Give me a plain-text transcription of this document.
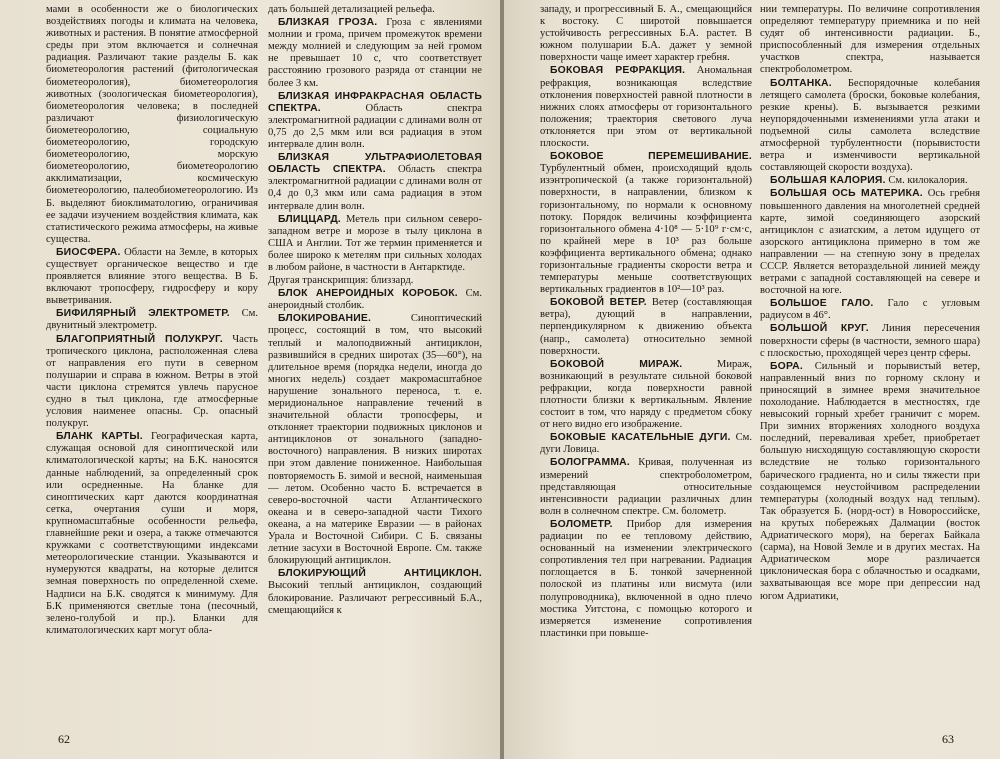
мами в особенности же о биологических воздействиях погоды и климата на человека, животных и растения. В понятие атмосферной среды при этом включается и солнечная радиация. Различают такие разделы Б. как биометеорология растений (фитологическая биометеорология), биометеорология животных (зоологическая биометеорология), биометеорология человека; в последней различают физиологическую биометеорологию, социальную биометеорологию, городскую биометеорологию, морскую биометеорологию, биометеорологию акклиматизации, космическую биометеорологию, палеобиометеорологию. Из Б. выделяют биоклиматологию, ограничивая ее задачи изучением воздействия климата, как статистического режима атмосферы, на живые существа.

БИОСФЕРА. Области на Земле, в которых существует органическое вещество и где проявляется влияние этого вещества. В Б. включают тропосферу, гидросферу и кору выветривания.

БИФИЛЯРНЫЙ ЭЛЕКТРОМЕТР. См. двунитный электрометр.

БЛАГОПРИЯТНЫЙ ПОЛУКРУГ. Часть тропического циклона, расположенная слева от направления его пути в северном полушарии и справа в южном. Ветры в этой части циклона стремятся увлечь парусное судно в тыл циклона, где атмосферные условия наименее опасны. Ср. опасный полукруг.

БЛАНК КАРТЫ. Географическая карта, служащая основой для синоптической или климатологической карты; на Б.К. наносятся данные наблюдений, за определенный срок или осредненные. На бланке для синоптических карт даются координатная сетка, очертания суши и моря, крупномасштабные особенности рельефа, главнейшие реки и озера, а также отмечаются кружками с соответствующими индексами метеорологические станции. Указываются и нумеруются квадраты, на которые делится земная поверхность по определенной схеме. Надписи на Б.К. сводятся к минимуму. Для Б.К применяются светлые тона (песочный, зелено-голубой и пр.). Бланки для климатологических карт могут обла-

дать большей детализацией рельефа.

БЛИЗКАЯ ГРОЗА. Гроза с явлениями молнии и грома, причем промежуток времени между молнией и следующим за ней громом не превышает 10 с, что соответствует расстоянию грозового разряда от станции не более 3 км.

БЛИЗКАЯ ИНФРАКРАСНАЯ ОБЛАСТЬ СПЕКТРА.	Область спектра электромагнитной радиации с длинами волн от 0,75 до 2,5 мкм или вся радиация в этом интервале длин волн.

БЛИЗКАЯ УЛЬТРАФИОЛЕТОВАЯ ОБЛАСТЬ СПЕКТРА. Область спектра электромагнитной радиации с длинами волн от 0,4 до 0,3 мкм или сама радиация в этом интервале длин волн.

БЛИЦЦАРД. Метель при сильном северо-западном ветре и морозе в тылу циклона в США и Англии. Тот же термин применяется и более широко к метелям при сильных холодах в любом районе, в частности в Антарктиде.

Другая транскрипция: близзард.

БЛОК АНЕРОИДНЫХ КОРОБОК. См. анероидный столбик.

БЛОКИРОВАНИЕ.	Синоптический процесс, состоящий в том, что высокий теплый и малоподвижный антициклон, развившийся в средних широтах (35—60°), на длительное время (порядка недели, иногда до многих недель) создает макромасштабное нарушение зонального переноса, т. е. меридиональное направление течений в значительной области тропосферы, и отклоняет траектории подвижных циклонов и антициклонов от зонального (западно-восточного) направления. В низких широтах при этом давление пониженное. Наибольшая повторяемость Б. зимой и весной, наименьшая — летом. Особенно часто Б. встречается в северо-восточной части Атлантического океана и в северо-западной части Тихого океана, а на материке Евразии — в районах Урала и Восточной Сибири. С Б. связаны летние засухи в Восточной Европе. См. также блокирующий антициклон.

БЛОКИРУЮЩИЙ АНТИЦИКЛОН. Высокий теплый антициклон, создающий блокирование. Различают регрессивный Б.А., смещающийся к

62

западу, и прогрессивный Б. А., смещающийся к востоку. С широтой повышается устойчивость регрессивных Б.А. растет. В южном полушарии Б.А. дажет у земной поверхности чаще имеет характер гребня.

БОКОВАЯ РЕФРАКЦИЯ. Аномальная рефракция, возникающая вследствие отклонения поверхностей равной плотности в нижних слоях атмосферы от горизонтального положения; траектория светового луча отклоняется при этом от вертикальной плоскости.

БОКОВОЕ ПЕРЕМЕШИВАНИЕ. Турбулентный обмен, происходящий вдоль изэнтропической (а также горизонтальной) поверхности, в направлении, близком к горизонтальному, по нормали к основному потоку. Порядок величины коэффициента горизонтального обмена 4·10⁸ — 5·10⁹ г·см·с, по крайней мере в 10³ раз больше коэффициента вертикального обмена; однако горизонтальные градиенты скорости ветра и температуры меньше соответствующих вертикальных градиентов в 10²—10³ раз.

БОКОВОЙ ВЕТЕР. Ветер (составляющая ветра), дующий в направлении, перпендикулярном к движению объекта (напр., самолета) относительно земной поверхности.

БОКОВОЙ МИРАЖ.	Мираж, возникающий в результате сильной боковой рефракции, когда поверхности равной плотности близки к вертикальным. Явление состоит в том, что наряду с предметом сбоку от него видно его изображение.

БОКОВЫЕ КАСАТЕЛЬНЫЕ ДУГИ. См. дуги Ловица.

БОЛОГРАММА. Кривая, полученная из измерений спектроболометром, представляющая относительные интенсивности радиации различных длин волн в солнечном спектре. См. болометр.

БОЛОМЕТР. Прибор для измерения радиации по ее тепловому действию, основанный на изменении электрического сопротивления тел при нагревании. Радиация поглощается в Б. тонкой зачерненной полоской из платины или висмута (или полупроводника), включенной в одно плечо мостика Уитстона, с помощью которого и измеряется изменение сопротивления пластинки при повыше-

нии температуры. По величине сопротивления определяют температуру приемника и по ней судят об интенсивности радиации. Б., приспособленный для измерения отдельных участков спектра, называется спектроболометром.

БОЛТАНКА. Беспорядочные колебания летящего самолета (броски, боковые колебания, резкие крены). Б. вызывается резкими неупорядоченными изменениями угла атаки и подъемной силы самолета вследствие атмосферной турбулентности (порывистости ветра и изменчивости вертикальной составляющей скорости воздуха).

БОЛЬШАЯ КАЛОРИЯ. См. килокалория.

БОЛЬШАЯ ОСЬ МАТЕРИКА. Ось гребня повышенного давления на многолетней средней карте, зимой соединяющего азорский антициклон с азиатским, а летом идущего от азорского антициклона примерно в том же направлении — на степную зону в пределах СССР. Является ветораздельной линией между ветрами с западной составляющей на севере и восточной на юге.

БОЛЬШОЕ ГАЛО. Гало с угловым радиусом в 46°.

БОЛЬШОЙ КРУГ. Линия пересечения поверхности сферы (в частности, земного шара) с плоскостью, проходящей через центр сферы.

БОРА. Сильный и порывистый ветер, направленный вниз по горному склону и приносящий в зимнее время значительное похолодание. Наблюдается в местностях, где невысокий горный хребет граничит с морем. При зимних вторжениях холодного воздуха последний, переваливая хребет, приобретает большую нисходящую составляющую скорости вследствие не только горизонтального барического градиента, но и силы тяжести при создающемся неустойчивом распределении температуры (холодный воздух над теплым). Так образуется Б. (норд-ост) в Новороссийске, на крутых побережьях Далмации (восток Адриатического моря), на берегах Байкала (сарма), на Новой Земле и в других местах. На Адриатическом море различается циклоническая бора с облачностью и осадками, захватывающая все море при депрессии над югом Адриатики,

63
